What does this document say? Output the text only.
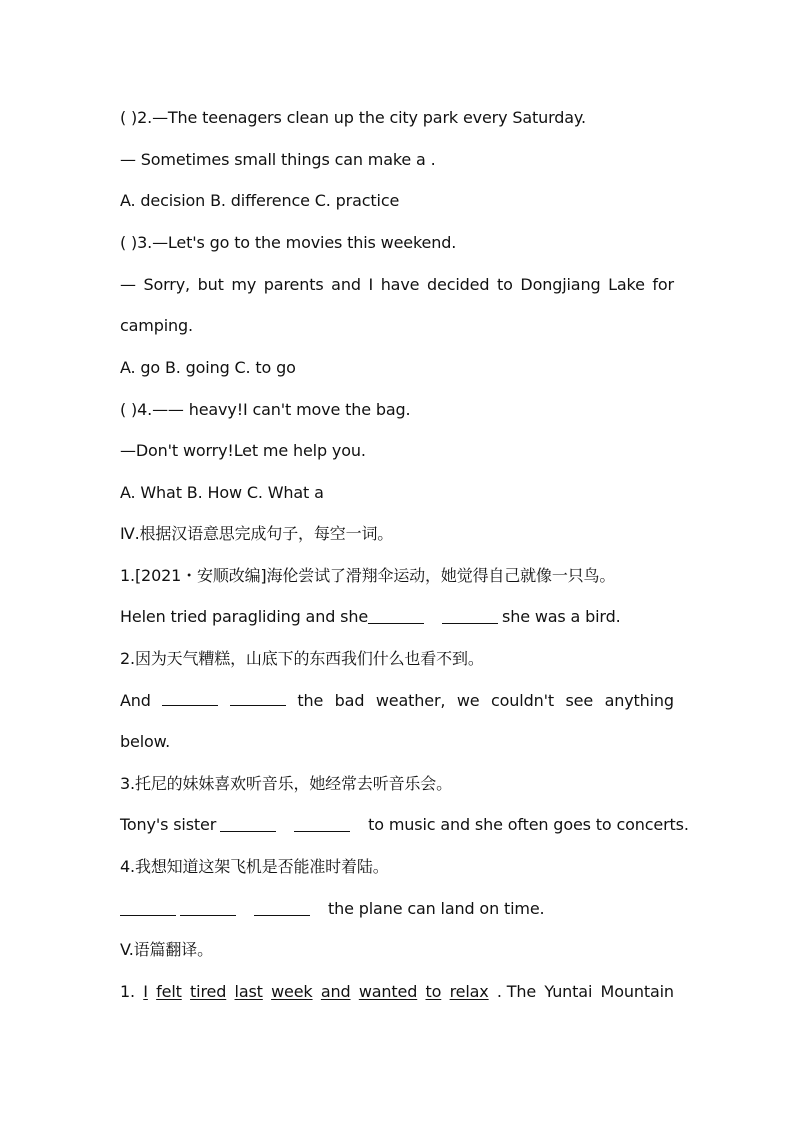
( )2.—The teenagers clean up the city park every Saturday.
— Sometimes small things can make a .
A. decision B. difference C. practice
( )3.—Let's go to the movies this weekend.
— Sorry, but my parents and I have decided to Dongjiang Lake for
camping.
A. go B. going C. to go
( )4.—— heavy!I can't move the bag.
—Don't worry!Let me help you.
A. What B. How C. What a
Ⅳ.根据汉语意思完成句子，每空一词。
1.[2021・安顺改编]海伦尝试了滑翔伞运动，她觉得自己就像一只鸟。
Helen tried paragliding and she	she was a bird.
2.因为天气糟糕，山底下的东西我们什么也看不到。
And	the bad weather, we couldn't see anything
below.
3.托尼的妹妹喜欢听音乐，她经常去听音乐会。
Tony's sister	to music and she often goes to concerts.
4.我想知道这架飞机是否能准时着陆。
the plane can land on time.
V.语篇翻译。
1. I felt tired last week and wanted to relax . The Yuntai Mountain
